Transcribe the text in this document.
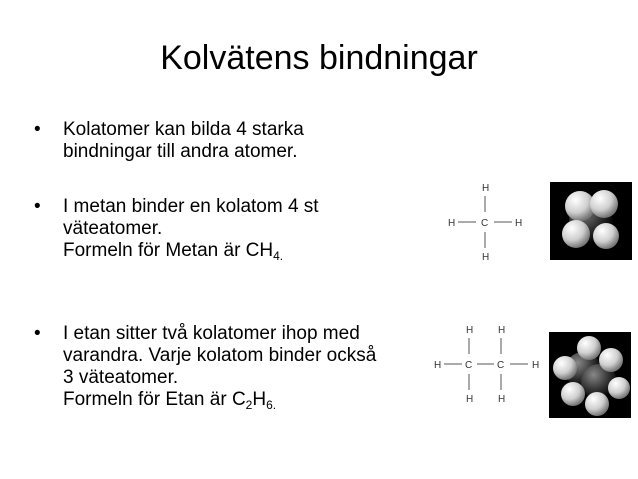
Kolvätens bindningar
•	Kolatomer kan bilda 4 starka
bindningar till andra atomer.
•	I metan binder en kolatom 4 st
väteatomer.
Formeln för Metan är $CH_{4.}$
•	I etan sitter två kolatomer ihop med
varandra. Varje kolatom binder också
3 väteatomer.
Formeln för Etan är $C_2H_{6.}$
H
H	C	H
H
H H
H C C	H
H H
